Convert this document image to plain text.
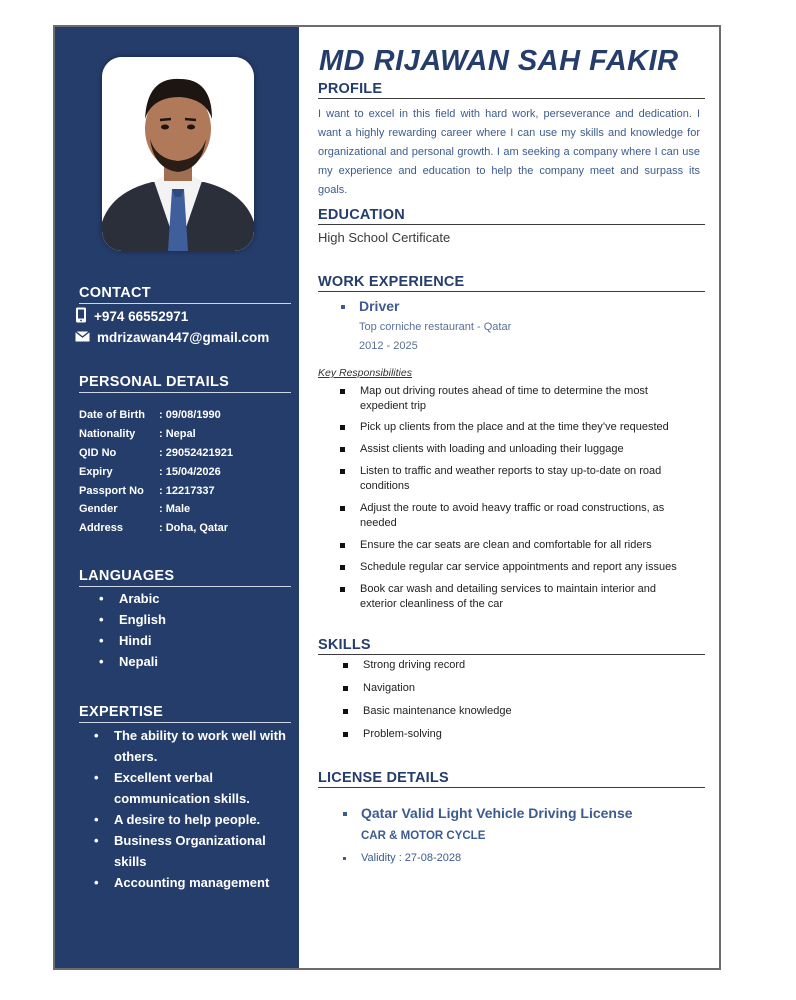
CONTACT
+974 66552971
mdrizawan447@gmail.com
PERSONAL DETAILS
Date of Birth	: 09/08/1990
Nationality	: Nepal
QID No	: 29052421921
Expiry	: 15/04/2026
Passport No	: 12217337
Gender	: Male
Address	: Doha, Qatar
LANGUAGES
• Arabic
• English
• Hindi
• Nepali
EXPERTISE
• The ability to work well with others.
• Excellent verbal communication skills.
• A desire to help people.
• Business Organizational skills
• Accounting management
MD RIJAWAN SAH FAKIR
PROFILE
I want to excel in this field with hard work, perseverance and dedication. I want a highly rewarding career where I can use my skills and knowledge for organizational and personal growth. I am seeking a company where I can use my experience and education to help the company meet and surpass its goals.
EDUCATION
High School Certificate
WORK EXPERIENCE
Driver
Top corniche restaurant - Qatar
2012 - 2025
Key Responsibilities
Map out driving routes ahead of time to determine the most expedient trip
Pick up clients from the place and at the time they’ve requested
Assist clients with loading and unloading their luggage
Listen to traffic and weather reports to stay up-to-date on road conditions
Adjust the route to avoid heavy traffic or road constructions, as needed
Ensure the car seats are clean and comfortable for all riders
Schedule regular car service appointments and report any issues
Book car wash and detailing services to maintain interior and exterior cleanliness of the car
SKILLS
Strong driving record
Navigation
Basic maintenance knowledge
Problem-solving
LICENSE DETAILS
Qatar Valid Light Vehicle Driving License
CAR & MOTOR CYCLE
Validity : 27-08-2028
